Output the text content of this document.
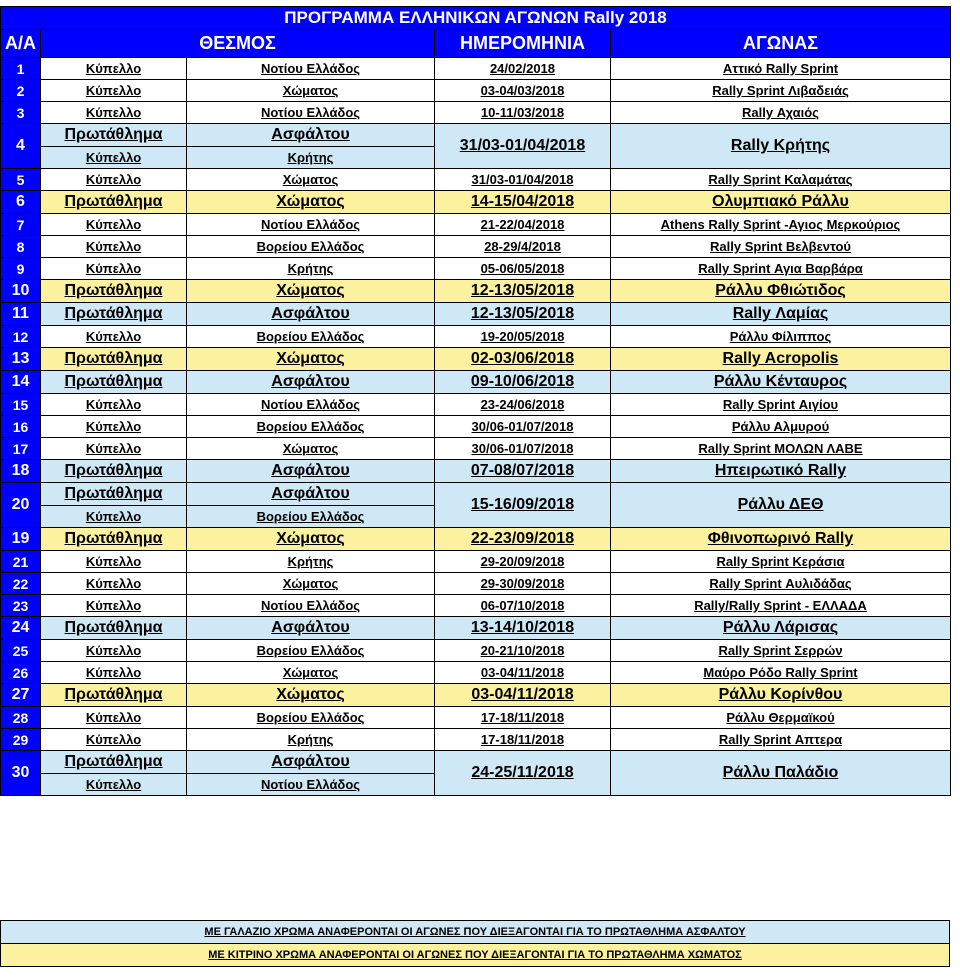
ΠΡΟΓΡΑΜΜΑ ΕΛΛΗΝΙΚΩΝ ΑΓΩΝΩΝ Rally 2018				
Α/Α	ΘΕΣΜΟΣ		ΗΜΕΡΟΜΗΝΙΑ	ΑΓΩΝΑΣ
1	Κύπελλο	Νοτίου Ελλάδος	24/02/2018	Αττικό Rally Sprint
2	Κύπελλο	Χώματος	03-04/03/2018	Rally Sprint Λιβαδειάς
3	Κύπελλο	Νοτίου Ελλάδος	10-11/03/2018	Rally Αχαιός
4	Πρωτάθλημα	Ασφάλτου	31/03-01/04/2018	Rally Κρήτης
	Κύπελλο	Κρήτης		
5	Κύπελλο	Χώματος	31/03-01/04/2018	Rally Sprint Καλαμάτας
6	Πρωτάθλημα	Χώματος	14-15/04/2018	Ολυμπιακό Ράλλυ
7	Κύπελλο	Νοτίου Ελλάδος	21-22/04/2018	Athens Rally Sprint -Αγιος Μερκούριος
8	Κύπελλο	Βορείου Ελλάδος	28-29/4/2018	Rally Sprint Βελβεντού
9	Κύπελλο	Κρήτης	05-06/05/2018	Rally Sprint Αγια Βαρβάρα
10	Πρωτάθλημα	Χώματος	12-13/05/2018	Ράλλυ Φθιώτιδος
11	Πρωτάθλημα	Ασφάλτου	12-13/05/2018	Rally Λαμίας
12	Κύπελλο	Βορείου Ελλάδος	19-20/05/2018	Ράλλυ Φίλιππος
13	Πρωτάθλημα	Χώματος	02-03/06/2018	Rally Acropolis
14	Πρωτάθλημα	Ασφάλτου	09-10/06/2018	Ράλλυ Κένταυρος
15	Κύπελλο	Νοτίου Ελλάδος	23-24/06/2018	Rally Sprint Αιγίου
16	Κύπελλο	Βορείου Ελλάδος	30/06-01/07/2018	Ράλλυ Αλμυρού
17	Κύπελλο	Χώματος	30/06-01/07/2018	Rally Sprint ΜΟΛΩΝ ΛΑΒΕ
18	Πρωτάθλημα	Ασφάλτου	07-08/07/2018	Ηπειρωτικό Rally
20	Πρωτάθλημα	Ασφάλτου	15-16/09/2018	Ράλλυ ΔΕΘ
	Κύπελλο	Βορείου Ελλάδος		
19	Πρωτάθλημα	Χώματος	22-23/09/2018	Φθινοπωρινό Rally
21	Κύπελλο	Κρήτης	29-20/09/2018	Rally Sprint Κεράσια
22	Κύπελλο	Χώματος	29-30/09/2018	Rally Sprint Αυλιδάδας
23	Κύπελλο	Νοτίου Ελλάδος	06-07/10/2018	Rally/Rally Sprint - ΕΛΛΑΔΑ
24	Πρωτάθλημα	Ασφάλτου	13-14/10/2018	Ράλλυ Λάρισας
25	Κύπελλο	Βορείου Ελλάδος	20-21/10/2018	Rally Sprint Σερρών
26	Κύπελλο	Χώματος	03-04/11/2018	Μαύρο Ρόδο Rally Sprint
27	Πρωτάθλημα	Χώματος	03-04/11/2018	Ράλλυ Κορίνθου
28	Κύπελλο	Βορείου Ελλάδος	17-18/11/2018	Ράλλυ Θερμαϊκού
29	Κύπελλο	Κρήτης	17-18/11/2018	Rally Sprint Απτερα
30	Πρωτάθλημα	Ασφάλτου	24-25/11/2018	Ράλλυ Παλάδιο
	Κύπελλο	Νοτίου Ελλάδος		
ΜΕ ΓΑΛΑΖΙΟ ΧΡΩΜΑ ΑΝΑΦΕΡΟΝΤΑΙ ΟΙ ΑΓΩΝΕΣ ΠΟΥ ΔΙΕΞΑΓΟΝΤΑΙ ΓΙΑ ΤΟ ΠΡΩΤΑΘΛΗΜΑ ΑΣΦΑΛΤΟΥ
ΜΕ ΚΙΤΡΙΝΟ ΧΡΩΜΑ ΑΝΑΦΕΡΟΝΤΑΙ ΟΙ ΑΓΩΝΕΣ ΠΟΥ ΔΙΕΞΑΓΟΝΤΑΙ ΓΙΑ ΤΟ ΠΡΩΤΑΘΛΗΜΑ ΧΩΜΑΤΟΣ
